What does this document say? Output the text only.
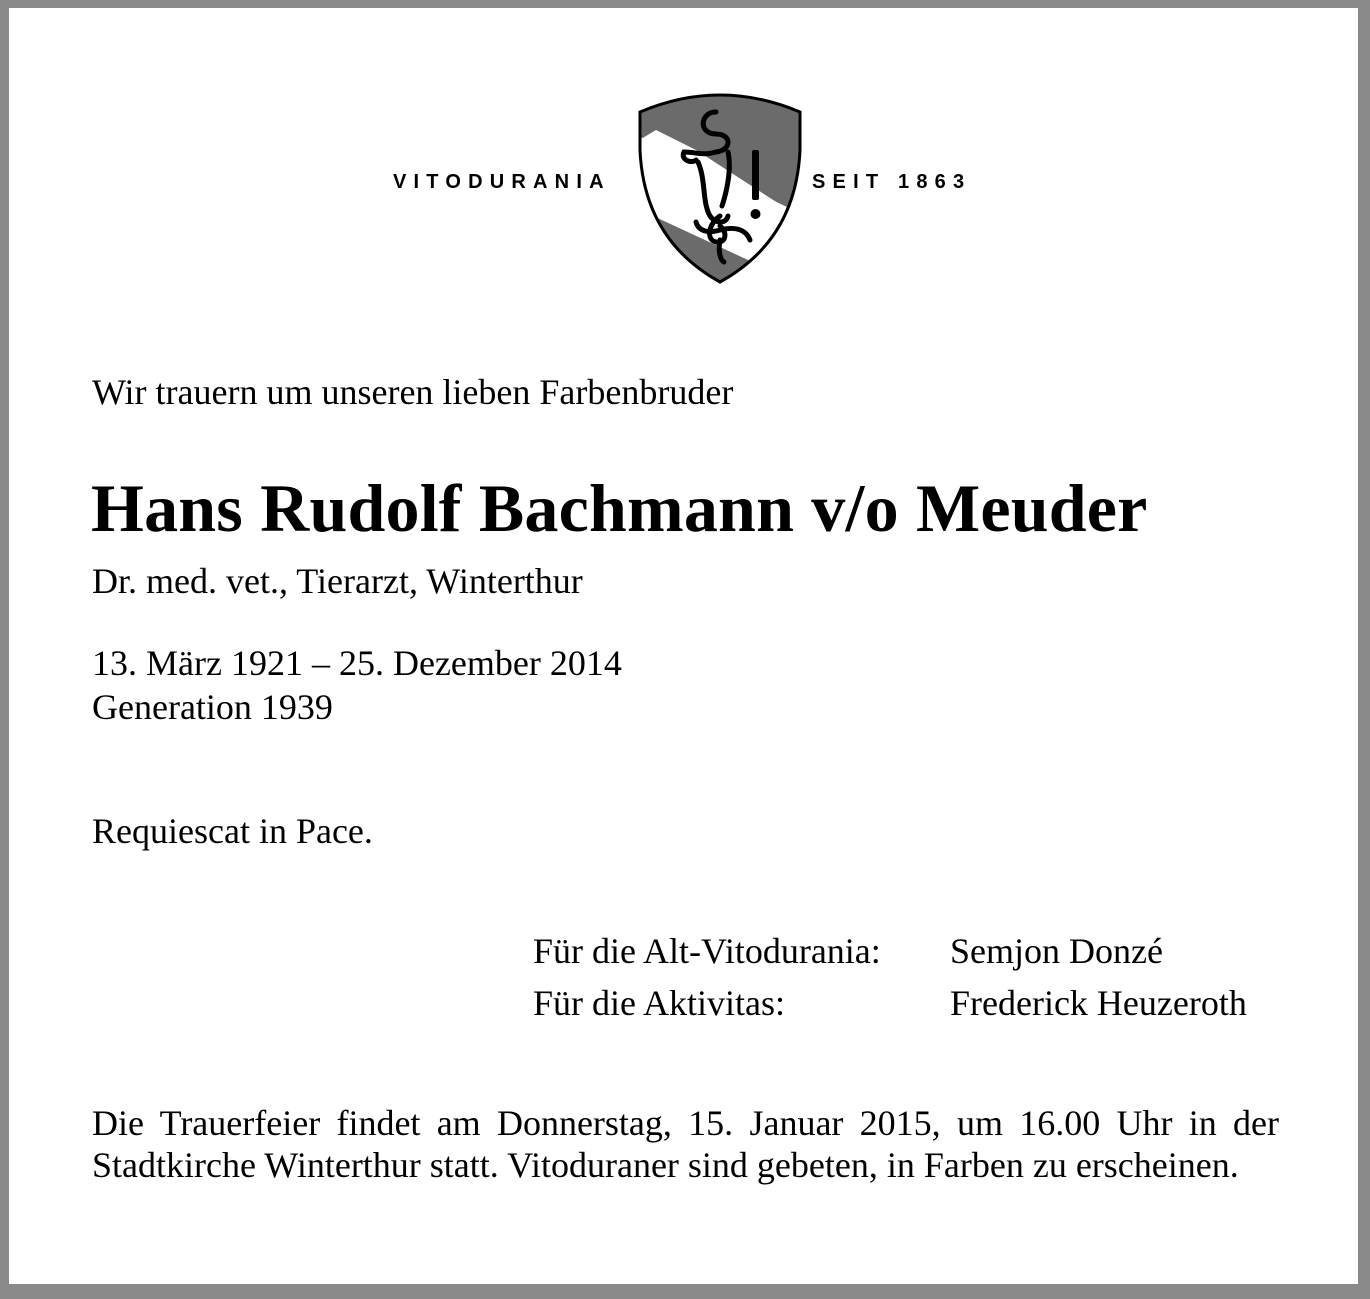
VITODURANIA	SEIT 1863
Wir trauern um unseren lieben Farbenbruder
Hans Rudolf Bachmann v/o Meuder
Dr. med. vet., Tierarzt, Winterthur
13. März 1921 – 25. Dezember 2014
Generation 1939
Requiescat in Pace.
Für die Alt-Vitodurania: Semjon Donzé
Für die Aktivitas:	Frederick Heuzeroth
Die Trauerfeier findet am Donnerstag, 15. Januar 2015, um 16.00 Uhr in der Stadtkirche Winterthur statt. Vitoduraner sind gebeten, in Farben zu erscheinen.
